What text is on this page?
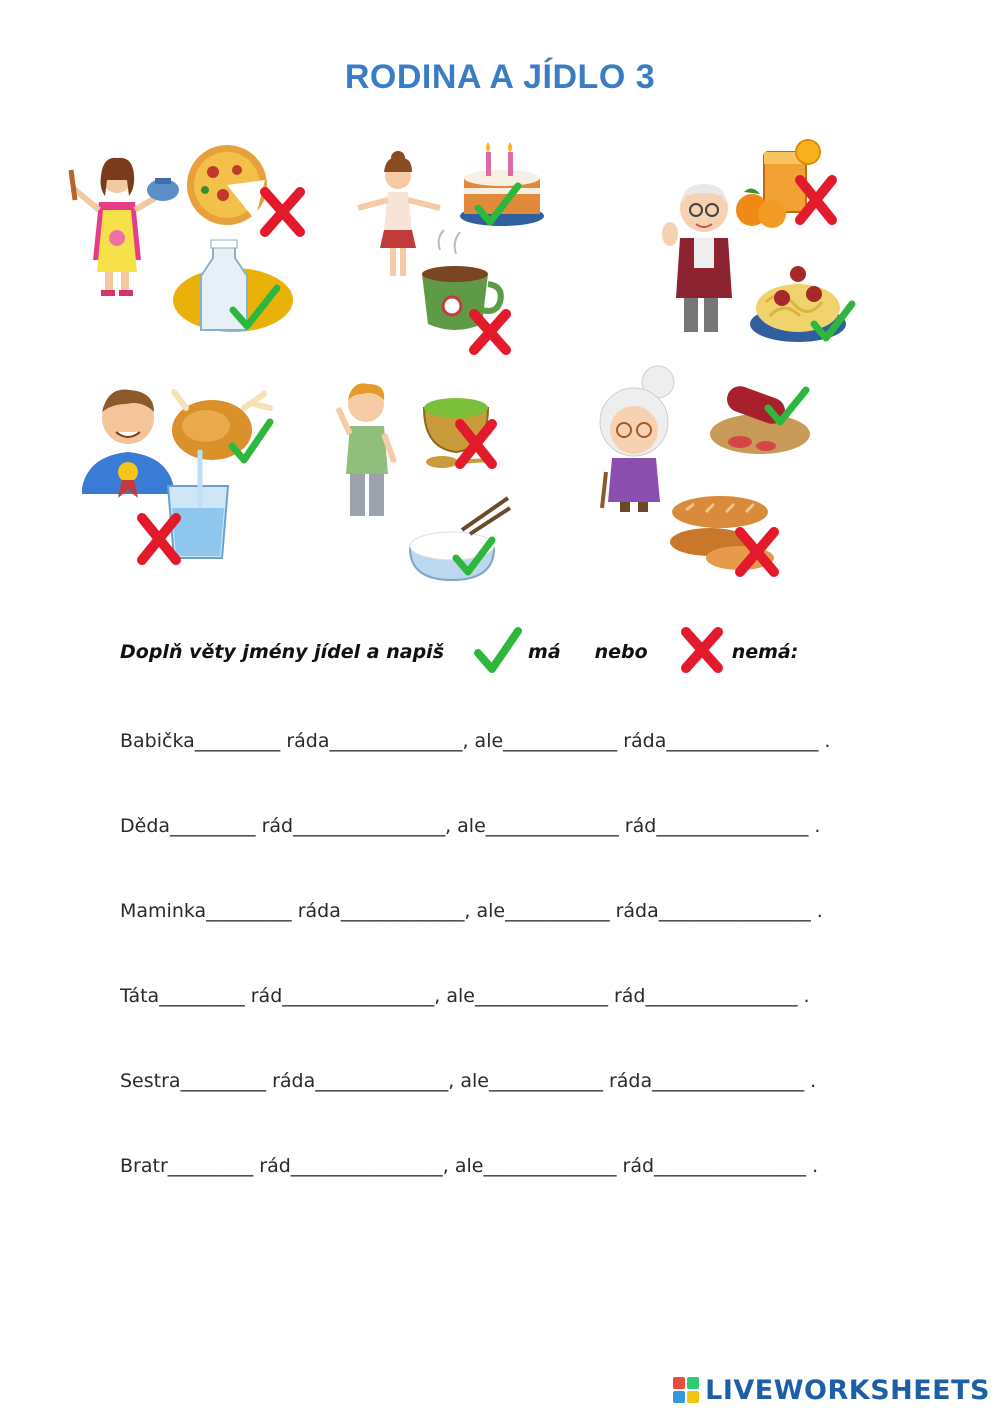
RODINA A JÍDLO 3
Doplň věty jmény jídel a napiš	má nebo	nemá:
Babička_________ ráda______________, ale____________ ráda________________ .
Děda_________ rád________________, ale______________ rád________________ .
Maminka_________ ráda_____________, ale___________ ráda________________ .
Táta_________ rád________________, ale______________ rád________________ .
Sestra_________ ráda______________, ale____________ ráda________________ .
Bratr_________ rád________________, ale______________ rád________________ .
LIVEWORKSHEETS
